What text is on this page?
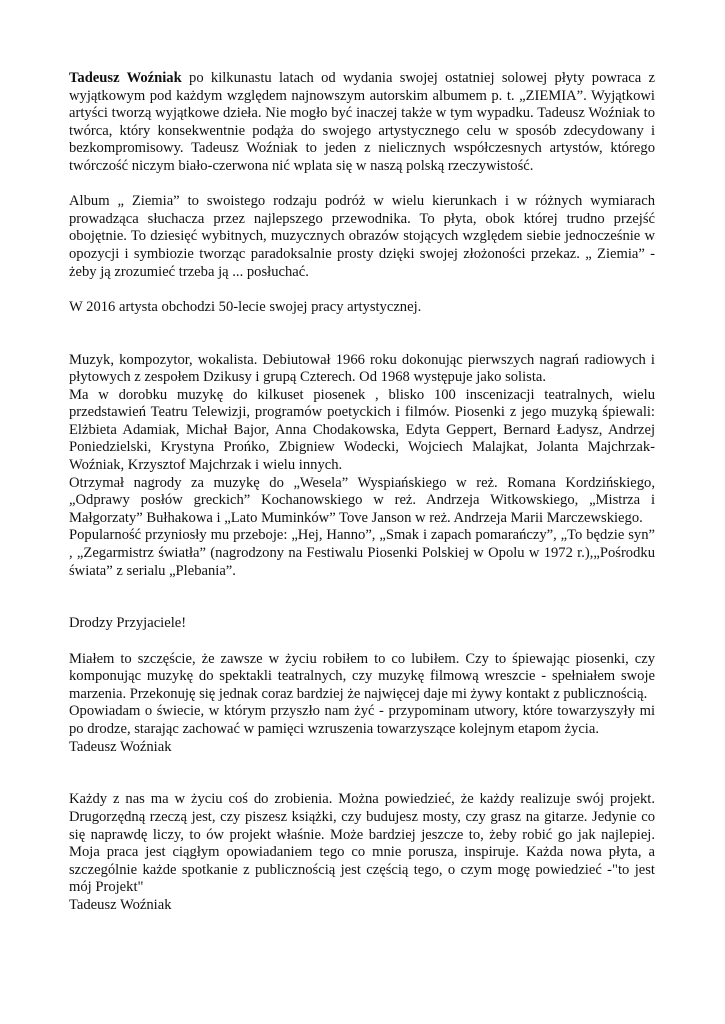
Tadeusz Woźniak po kilkunastu latach od wydania swojej ostatniej solowej płyty powraca z wyjątkowym pod każdym względem najnowszym autorskim albumem p. t. „ZIEMIA”. Wyjątkowi artyści tworzą wyjątkowe dzieła. Nie mogło być inaczej także w tym wypadku. Tadeusz Woźniak to twórca, który konsekwentnie podąża do swojego artystycznego celu w sposób zdecydowany i bezkompromisowy. Tadeusz Woźniak to jeden z nielicznych współczesnych artystów, którego twórczość niczym biało-czerwona nić wplata się w naszą polską rzeczywistość.

Album „ Ziemia” to swoistego rodzaju podróż w wielu kierunkach i w różnych wymiarach prowadząca słuchacza przez najlepszego przewodnika. To płyta, obok której trudno przejść obojętnie. To dziesięć wybitnych, muzycznych obrazów stojących względem siebie jednocześnie w opozycji i symbiozie tworząc paradoksalnie prosty dzięki swojej złożoności przekaz. „ Ziemia” - żeby ją zrozumieć trzeba ją ... posłuchać.

W 2016 artysta obchodzi 50-lecie swojej pracy artystycznej.

Muzyk, kompozytor, wokalista. Debiutował 1966 roku dokonując pierwszych nagrań radiowych i płytowych z zespołem Dzikusy i grupą Czterech. Od 1968 występuje jako solista.

Ma w dorobku muzykę do kilkuset piosenek , blisko 100 inscenizacji teatralnych, wielu przedstawień Teatru Telewizji, programów poetyckich i filmów. Piosenki z jego muzyką śpiewali: Elżbieta Adamiak, Michał Bajor, Anna Chodakowska, Edyta Geppert, Bernard Ładysz, Andrzej Poniedzielski, Krystyna Prońko, Zbigniew Wodecki, Wojciech Malajkat, Jolanta Majchrzak-Woźniak, Krzysztof Majchrzak i wielu innych.

Otrzymał nagrody za muzykę do „Wesela” Wyspiańskiego w reż. Romana Kordzińskiego, „Odprawy posłów greckich” Kochanowskiego w reż. Andrzeja Witkowskiego, „Mistrza i Małgorzaty” Bułhakowa i „Lato Muminków” Tove Janson w reż. Andrzeja Marii Marczewskiego.

Popularność przyniosły mu przeboje: „Hej, Hanno”, „Smak i zapach pomarańczy”, „To będzie syn” , „Zegarmistrz światła” (nagrodzony na Festiwalu Piosenki Polskiej w Opolu w 1972 r.),„Pośrodku świata” z serialu „Plebania”.

Drodzy Przyjaciele!

Miałem to szczęście, że zawsze w życiu robiłem to co lubiłem. Czy to śpiewając piosenki, czy komponując muzykę do spektakli teatralnych, czy muzykę filmową wreszcie - spełniałem swoje marzenia. Przekonuję się jednak coraz bardziej że najwięcej daje mi żywy kontakt z publicznością.

Opowiadam o świecie, w którym przyszło nam żyć - przypominam utwory, które towarzyszyły mi po drodze, starając zachować w pamięci wzruszenia towarzyszące kolejnym etapom życia.

Tadeusz Woźniak

Każdy z nas ma w życiu coś do zrobienia. Można powiedzieć, że każdy realizuje swój projekt. Drugorzędną rzeczą jest, czy piszesz książki, czy budujesz mosty, czy grasz na gitarze. Jedynie co się naprawdę liczy, to ów projekt właśnie. Może bardziej jeszcze to, żeby robić go jak najlepiej. Moja praca jest ciągłym opowiadaniem tego co mnie porusza, inspiruje. Każda nowa płyta, a szczególnie każde spotkanie z publicznością jest częścią tego, o czym mogę powiedzieć -"to jest mój Projekt"

Tadeusz Woźniak
